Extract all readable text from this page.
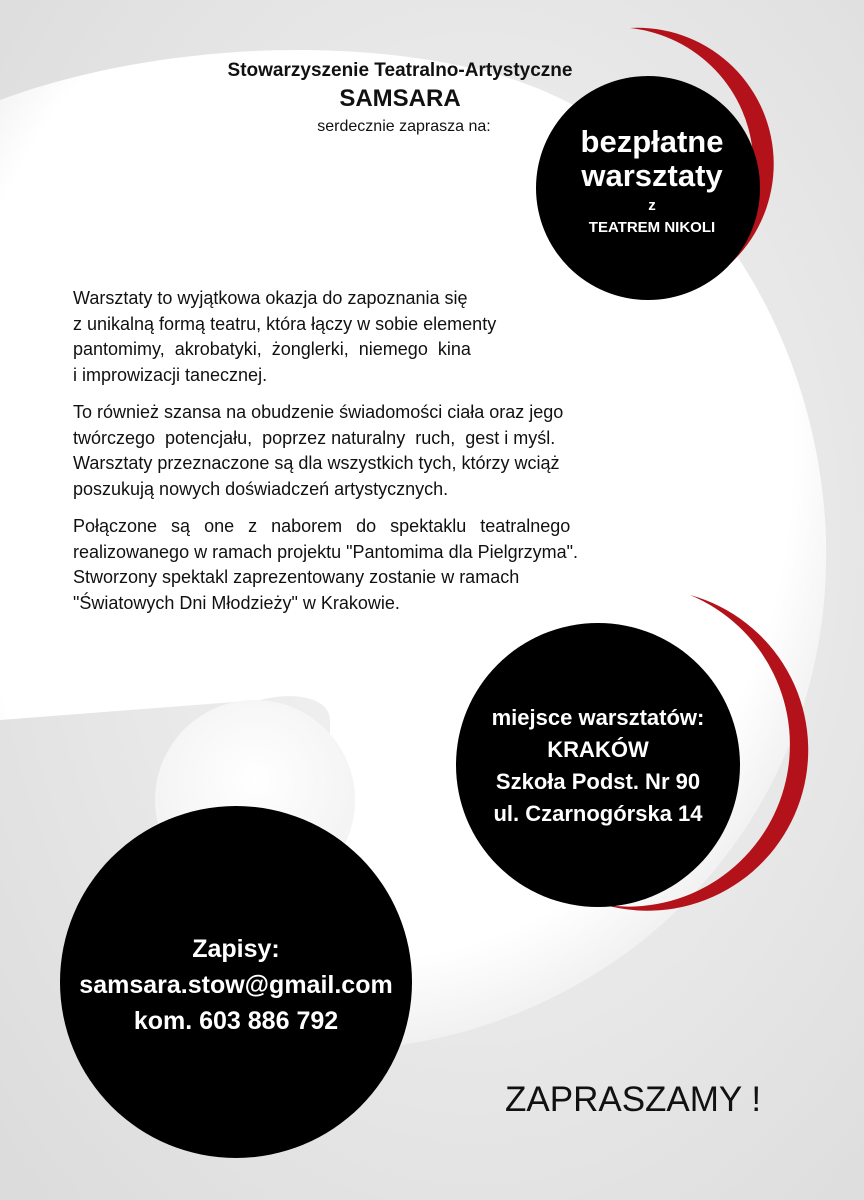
Stowarzyszenie Teatralno-Artystyczne
SAMSARA
serdecznie zaprasza na:	bezpłatne
warsztaty
z
TEATREM NIKOLI

Warsztaty to wyjątkowa okazja do zapoznania się
z unikalną formą teatru, która łączy w sobie elementy
pantomimy,  akrobatyki,  żonglerki,  niemego  kina
i improwizacji tanecznej.

To również szansa na obudzenie świadomości ciała oraz jego
twórczego  potencjału,  poprzez naturalny  ruch,  gest i myśl.
Warsztaty przeznaczone są dla wszystkich tych, którzy wciąż
poszukują nowych doświadczeń artystycznych.

Połączone są one z naborem do spektaklu teatralnego
realizowanego w ramach projektu "Pantomima dla Pielgrzyma".
Stworzony spektakl zaprezentowany zostanie w ramach
"Światowych Dni Młodzieży" w Krakowie.

miejsce warsztatów:
KRAKÓW
Szkoła Podst. Nr 90
ul. Czarnogórska 14
Zapisy:
samsara.stow@gmail.com
kom. 603 886 792
ZAPRASZAMY !
